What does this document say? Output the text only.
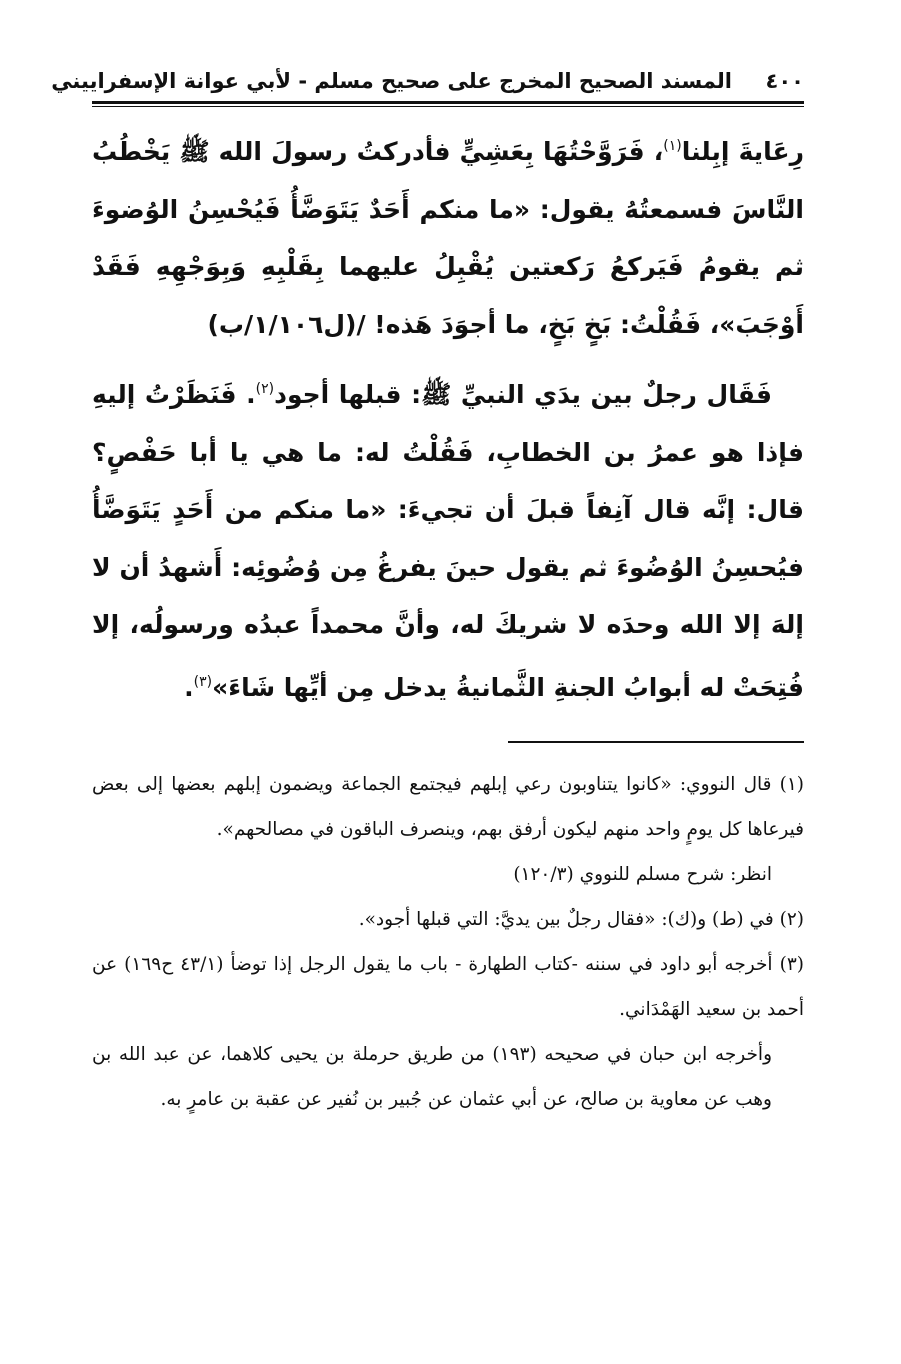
٤٠٠
المسند الصحيح المخرج على صحيح مسلم - لأبي عوانة الإسفراييني

رِعَايةَ إبِلنا$^{(١)}$، فَرَوَّحْتُهَا بِعَشِيٍّ فأدركتُ رسولَ الله ﷺ يَخْطُبُ النَّاسَ فسمعتُهُ يقول: «ما منكم أَحَدٌ يَتَوَضَّأُ فَيُحْسِنُ الوُضوءَ ثم يقومُ فَيَركعُ رَكعتين يُقْبِلُ عليهما بِقَلْبِهِ وَبِوَجْهِهِ فَقَدْ أَوْجَبَ»، فَقُلْتُ: بَخٍ بَخٍ، ما أجوَدَ هَذه! /(ل١/١٠٦/ب)

فَقَال رجلٌ بين يدَي النبيِّ ﷺ: قبلها أجود$^{(٢)}$. فَنَظَرْتُ إليهِ فإذا هو عمرُ بن الخطابِ، فَقُلْتُ له: ما هي يا أبا حَفْصٍ؟ قال: إنَّه قال آنِفاً قبلَ أن تجيءَ: «ما منكم من أَحَدٍ يَتَوَضَّأُ فيُحسِنُ الوُضُوءَ ثم يقول حينَ يفرغُ مِن وُضُوئِه: أَشهدُ أن لا إلهَ إلا الله وحدَه لا شريكَ له، وأنَّ محمداً عبدُه ورسولُه، إلا فُتِحَتْ له أبوابُ الجنةِ الثَّمانيةُ يدخل مِن أيِّها شَاءَ»$^{(٣)}$.

(١) قال النووي: «كانوا يتناوبون رعي إبلهم فيجتمع الجماعة ويضمون إبلهم بعضها إلى بعض فيرعاها كل يومٍ واحد منهم ليكون أرفق بهم، وينصرف الباقون في مصالحهم».

انظر: شرح مسلم للنووي (١٢٠/٣)

(٢) في (ط) و(ك): «فقال رجلٌ بين يديَّ: التي قبلها أجود».

(٣) أخرجه أبو داود في سننه -كتاب الطهارة - باب ما يقول الرجل إذا توضأ (٤٣/١ ح١٦٩) عن أحمد بن سعيد الهَمْدَاني.

وأخرجه ابن حبان في صحيحه (١٩٣) من طريق حرملة بن يحيى كلاهما، عن عبد الله بن وهب عن معاوية بن صالح، عن أبي عثمان عن جُبير بن نُفير عن عقبة بن عامرٍ به.
